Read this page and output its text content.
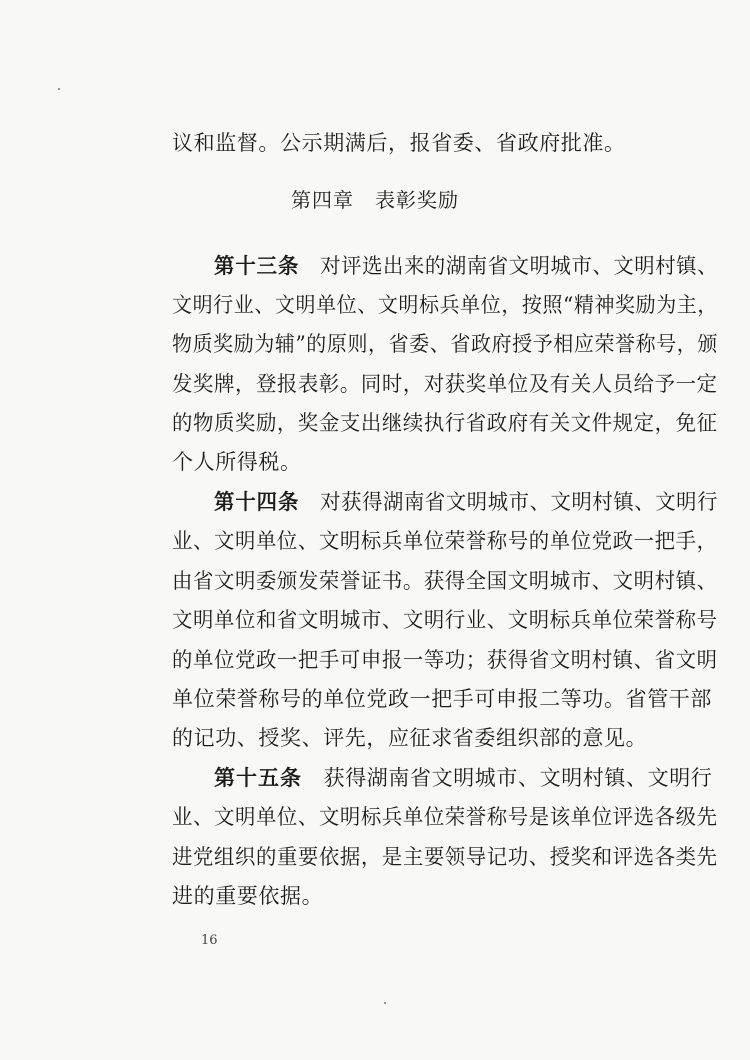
议和监督。公示期满后，报省委、省政府批准。
第四章　表彰奖励
第十三条　对评选出来的湖南省文明城市、文明村镇、
文明行业、文明单位、文明标兵单位，按照“精神奖励为主，
物质奖励为辅”的原则，省委、省政府授予相应荣誉称号，颁
发奖牌，登报表彰。同时，对获奖单位及有关人员给予一定
的物质奖励，奖金支出继续执行省政府有关文件规定，免征
个人所得税。
第十四条　对获得湖南省文明城市、文明村镇、文明行
业、文明单位、文明标兵单位荣誉称号的单位党政一把手，
由省文明委颁发荣誉证书。获得全国文明城市、文明村镇、
文明单位和省文明城市、文明行业、文明标兵单位荣誉称号
的单位党政一把手可申报一等功；获得省文明村镇、省文明
单位荣誉称号的单位党政一把手可申报二等功。省管干部
的记功、授奖、评先，应征求省委组织部的意见。
第十五条　获得湖南省文明城市、文明村镇、文明行
业、文明单位、文明标兵单位荣誉称号是该单位评选各级先
进党组织的重要依据，是主要领导记功、授奖和评选各类先
进的重要依据。
16
